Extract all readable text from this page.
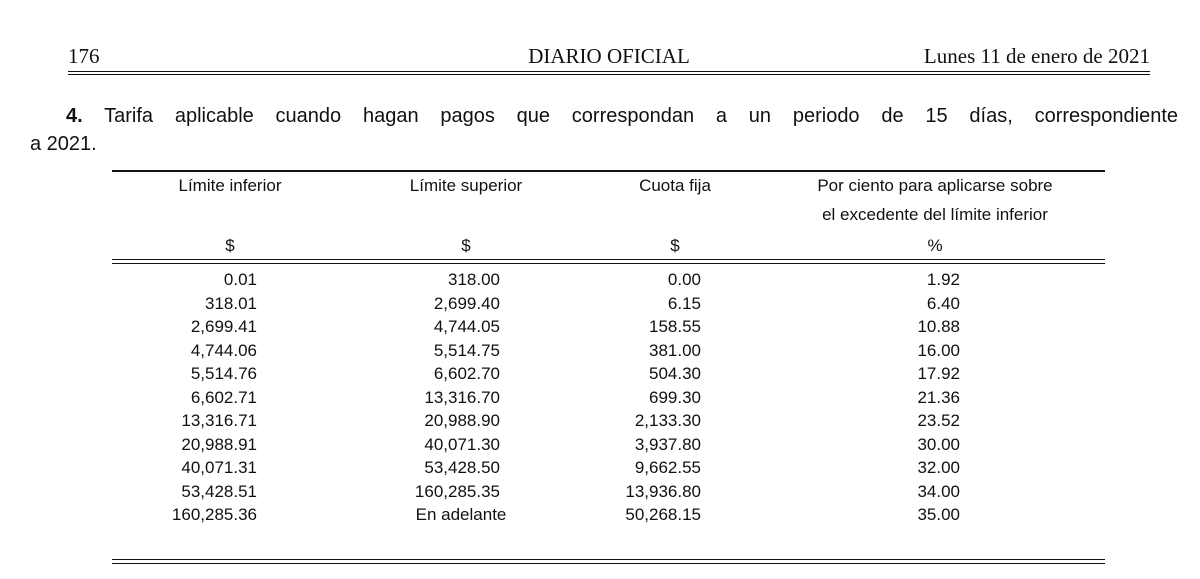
176	DIARIO OFICIAL	Lunes 11 de enero de 2021
4. Tarifa aplicable cuando hagan pagos que correspondan a un periodo de 15 días, correspondiente
a 2021.
Límite inferior	Límite superior	Cuota fija	Por ciento para aplicarse sobre
el excedente del límite inferior
$	$	$	%
0.01	318.00	0.00	1.92
318.01	2,699.40	6.15	6.40
2,699.41	4,744.05	158.55	10.88
4,744.06	5,514.75	381.00	16.00
5,514.76	6,602.70	504.30	17.92
6,602.71	13,316.70	699.30	21.36
13,316.71	20,988.90	2,133.30	23.52
20,988.91	40,071.30	3,937.80	30.00
40,071.31	53,428.50	9,662.55	32.00
53,428.51	160,285.35	13,936.80	34.00
160,285.36	En adelante	50,268.15	35.00
